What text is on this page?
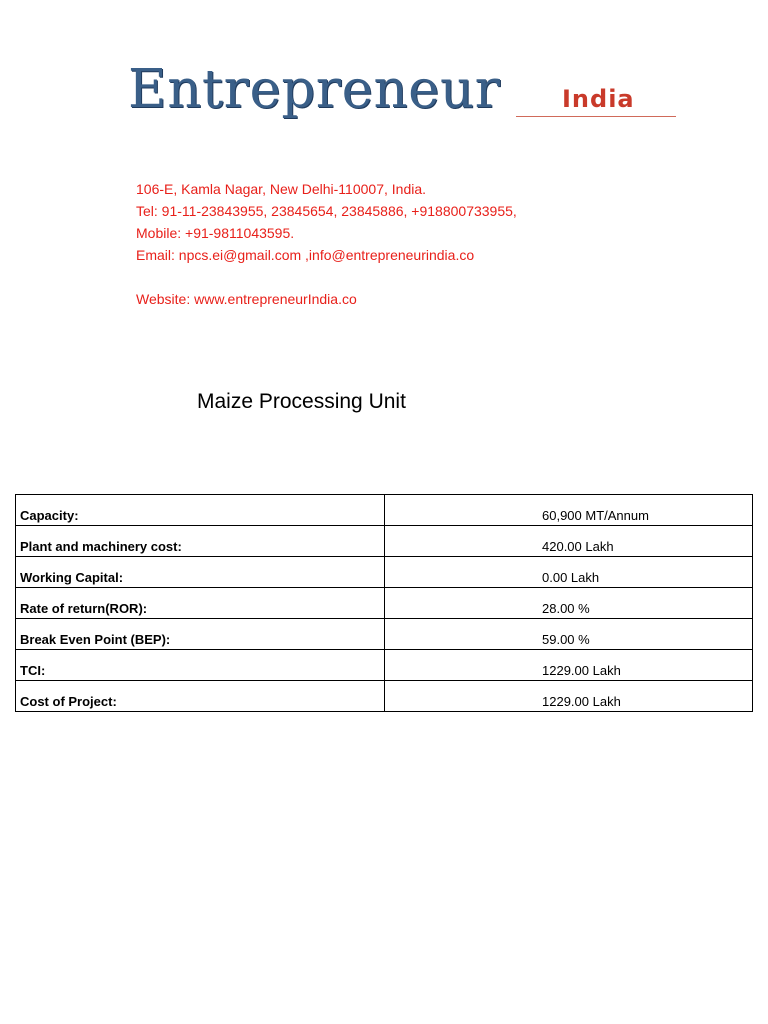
Entrepreneur	India
106-E, Kamla Nagar, New Delhi-110007, India.
Tel: 91-11-23843955, 23845654, 23845886, +918800733955,
Mobile: +91-9811043595.
Email: npcs.ei@gmail.com ,info@entrepreneurindia.co
Website: www.entrepreneurIndia.co
Maize Processing Unit
Capacity:	60,900 MT/Annum
Plant and machinery cost:	420.00 Lakh
Working Capital:	0.00 Lakh
Rate of return(ROR):	28.00 %
Break Even Point (BEP):	59.00 %
TCI:	1229.00 Lakh
Cost of Project:	1229.00 Lakh
